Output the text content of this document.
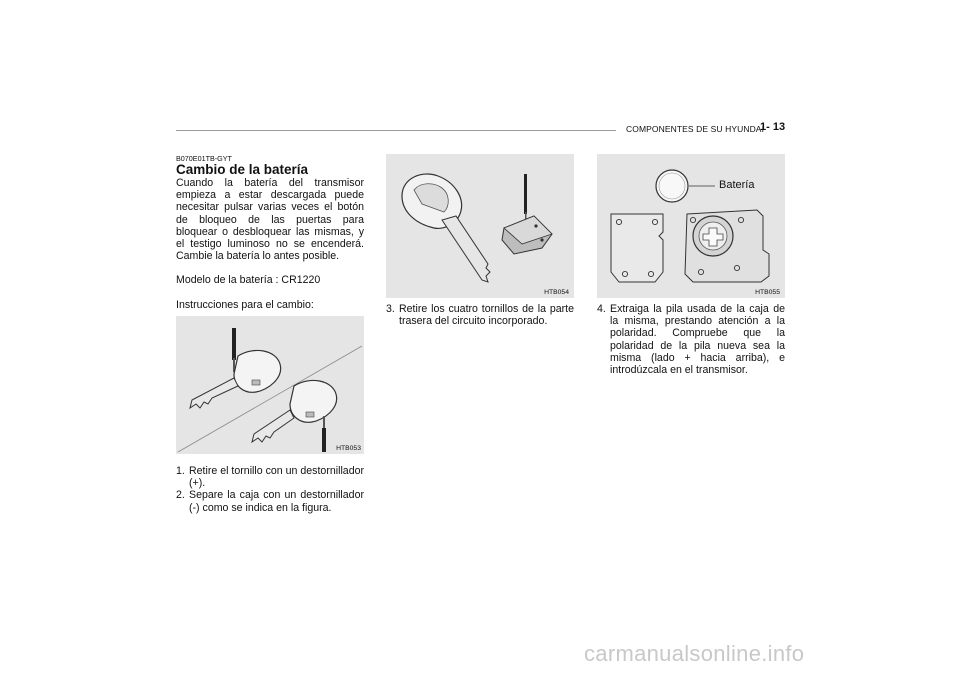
COMPONENTES DE SU HYUNDAI
1- 13

B070E01TB-GYT

Cambio de la batería

Cuando la batería del transmisor empieza a estar descargada puede necesitar pulsar varias veces el botón de bloqueo de las puertas para bloquear o desbloquear las mismas, y el testigo luminoso no se encenderá. Cambie la batería lo antes posible.

Modelo de la batería : CR1220

Instrucciones para el cambio:

HTB053
1. Retire el tornillo con un destornillador (+).
2. Separe la caja con un destornillador (-) como se indica en la figura.
HTB054
3. Retire los cuatro tornillos de la parte trasera del circuito incorporado.
Batería
HTB055
4. Extraiga la pila usada de la caja de la misma, prestando atención a la polaridad. Compruebe que la polaridad de la pila nueva sea la misma (lado + hacia arriba), e introdúzcala en el transmisor.
carmanualsonline.info
